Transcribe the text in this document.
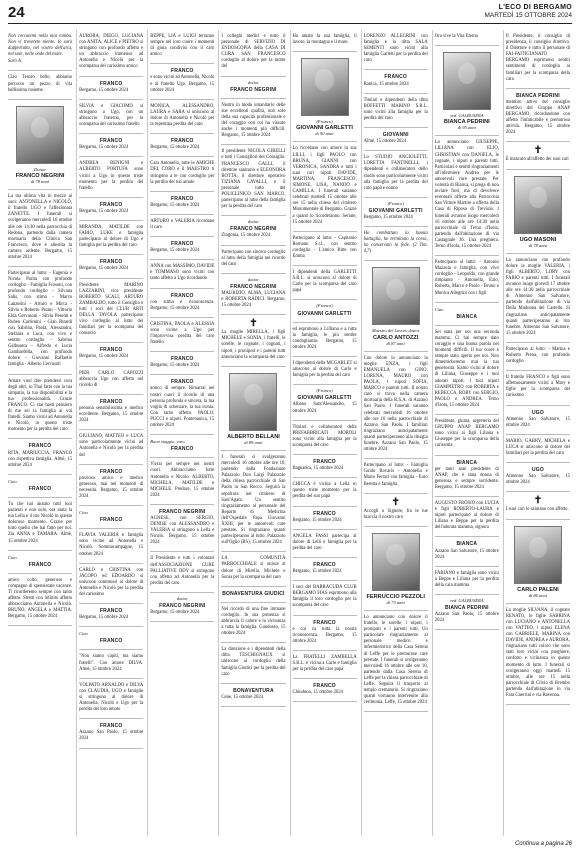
24	L'ECO DI BERGAMO
MARTEDÌ 15 OTTOBRE 2024

Non cercatemi nella mia tomba. Non vi troverete niente. Io sarò dappertutto, nel vostro dell'aria, nel sole, nelle onde del mare.

Sarò A.

Ciao Tesoro bello, abbiamo percorso un pezzo di vita bellissima insieme.

Dottor
FRANCO NEGRINI
di 78 anni

La tua ultima vita in mezzo ai suoi: ANTONELLA e NICOLÒ, il fratello UGO e l'affezionata ZANETTE. I funerali si svolgeranno mercoledì 16 ottobre alle ore 14:30 nella parrocchia di Redona, partendo dalla camera mortuaria della Clinica San Francesco, dove è allestita la camera ardente. Bergamo, 15 ottobre 2024

Partecipano al lutto: - Eugenia e Nicola Parita con profondo cordoglio - Famiglia Frosoni, con profondo cordoglio - Silvana Salis, con stima - Marco Lanzerini - Arturo e Mirca - Silvia e Roberto Pisani - Vittorio Elda Gervasoni - Silvia Pesenti e Ruben Carrimini - Gian Ritardi con Sabrina, Paola, Alessandra, Stefania e Luca, con vivo e sentito cordoglio - Sabrina Galbusera - Alfredo e Lucia Gambardella, con profondo dolore - Giovanni Raffaello famiglia - Alberto Cervasoli

Amare vuol dire prendersi cura degli altri, io Thai fatto con la tua simpatia, la tua disponibilità e la tua professionalità. Grazie FRANCO. Ci stai basti pensiero di me sei la famiglia ai voi fratelli. Siamo vicini ad Antonella e Nicolò, in questo triste momento per la perdita del caro

FRANCO

RITA, MARIUCCIA, FRANCO con rispettiva famiglia. Almè, 15 ottobre 2024

Ciao

FRANCO

Tu che hai aiutato tutti tuoi pazienti e non solo, ora aiuta la tua Lella e il tuo Nicolò in questo doloroso momento. Grazie per tutto quello che hai fatto per noi. Zia ANNA e TAMARA. Almè, 15 ottobre 2024

Ciao

FRANCO

amico colto, generoso e compagno di spensierate vacanze. Ti ricorderemo sempre con tanto affetto. Stretti con infinito affetto abbracciamo Antonella e Nicolò. BRUNO, ANGELA e MATTIA. Bergamo, 15 ottobre 2024

AURORA, DIEGO, LUCIANA con ANITA, ALICE e PIETRO si stringono con profondo affetto e un abbraccio immenso ad Antonella e Nicolò per la scomparsa del carissimo amico

FRANCO

Bergamo, 15 ottobre 2024

SILVIA e GIACOMO si stringono a Ugo, con un abbraccio fraterno, per la scomparsa del carissimo fratello

FRANCO

Bergamo, 15 ottobre 2024

ANDREA BENIGNI e ALBERTO PORTUFA sono vicini a Ugo in questo triste momento per la perdita del fratello

FRANCO

Bergamo, 15 ottobre 2024

MIRANDA, MATILDE con FABIO, LUKE e famiglia partecipano al dolore di Ugo e famiglia per la perdita del caro

FRANCO

Bergamo, 15 ottobre 2024

Presidente MARINO LAZZARINI, vice presidente ROBERTO SCALI, ARTURO ZAMBALDO, tutto il Consiglio e tutti i soci del CLUB ARTI DELLA TAVOLA partecipano vivo cordoglio al lutto dei familiari per la scomparsa del consocio

FRANCO

Bergamo, 15 ottobre 2024

PIER CARLO CAPOZZI abbraccia Ugo con affetto nel ricordo di

FRANCO

persona sensibilissima e medico eccellente. Bergamo, 15 ottobre 2024

GIULIANO, MATTEO e LUCA sono particolarmente vicini ad Antonella e Nicolò per la perdita del

FRANCO

prezioso amico e medico generoso, mai nei momenti di necessità. Bergamo, 15 ottobre 2024

Ciao

FRANCO

FLAVIA VALERIA e famiglia sono vicine ad Antonella e Nicolò. Sommacampagne, 15 ottobre 2024

CARLO e CRISTINA con JACOPO ed EDOARDO si uniscono commossi al dolore di Antonella e Nicolò per la perdita del carissimo

FRANCO

Bergamo, 15 ottobre 2024

Ciao

FRANCO

"Non siamo capiti, ma siamo fratelli". Con amore DILVA. Almè, 15 ottobre 2024

VOLPATO ARNALDO e DILVA con CLAUDIA, UGO e famiglie si stringono al dolore di Antonella, Nicolò e Ugo per la perdita del loro amato

FRANCO

Azzano San Paolo, 15 ottobre 2024

BEPPE, LIA e LUIGI terranno sempre nel loro cuore i momenti di gioia condivisi con il caro amico

FRANCO

e sono vicini ad Antonella, Nicolò e al fratello Ugo. Bergamo, 15 ottobre 2024

MONICA, ALESSANDRO, LAURA e SARA si uniscono al dolore di Antonella e Nicolò per la repentina perdita del caro

FRANCO

Bergamo, 15 ottobre 2024

Cara Antonella, tutte le AMICHE DEL CORO e il MAESTRO ti stringono a te con cordoglio per la perdita del tuo amato

FRANCO

Bergamo, 15 ottobre 2024

ARTURO e VALERIA ricordano il caro

FRANCO

Bergamo, 15 ottobre 2024

ANNA con MASSIMO, DAVIDE e TOMMASO sono vicini con tanto affetto a Ugo ricordando

FRANCO

con stima e riconoscenza. Bergamo, 15 ottobre 2024

CRISTINA, PAOLA e ALESSIA sono vicine a Ugo per l'improvvisa perdita del caro fratello

FRANCO

Bergamo, 15 ottobre 2024

FRANCO

amico di sempre. Rimarrai nei nostri cuori il ricordo di una persona profonda e sincera, la tua voglia di scherzare, la tua ironia. Con tanto affetto. PAOLO, PUCCI e nipoti. Pontenanica, 15 ottobre 2024

Buon viaggio, caro

FRANCO

Vivrai per sempre nei nostri cuori. Abbracciamo forte Antonella e Nicolò. ALBERTO, MICHELA, MATILDE e MICHELE. Predore, 15 ottobre 2024

FRANCO NEGRINI

AGNESE, con SERGIO, DENISE con ALESSANDRO e VALERIA si stringono a Lella e Nicolò. Bergamo, 15 ottobre 2024

Il Presidente e tutti i volontari dell'ASSOCIAZIONE CURE PALLIATIVE ODV si stringono con affetto ad Antonella per la perdita del caro

dottor
FRANCO NEGRINI

Bergamo, 15 ottobre 2024

I colleghi medici e tutto il personale di SERVIZIO DI ENDOSCOPIA della CASA DI CURA SAN FRANCESCO cordoglio al dolore per la morte del

dottor
FRANCO NEGRINI

Nostro in modo umanitario delle sue eccellenti qualità, non solo della sua capacità professionale e del coraggio con cui ha vissuto anche i momenti più difficili. Bergamo, 15 ottobre 2024

Il presidente NICOLA GIRELLI e tutti i Consigliori del Consiglio. FRANCESCO GALLI, il direttore sanitario e ELEONORA BOTTA, il direttore operativo TIZIANA CAVALLI, e il personale tutto del POLICLINICO SAN MARCO, partecipano al lutto della famiglia per la perdita del caro

dottor
FRANCO NEGRINI

Zingonia, 15 ottobre 2024

Partecipano con sincero cordoglio al lutto della famiglia nel ricordo del caro

dottor
FRANCO NEGRINI

MAURIZIO, ALMA, LUCIANA e ROBERTA RADICI. Bergamo, 15 ottobre 2024

✝

La moglie MIRELLA, i figli MICHELE e SONIA, i fratelli, le sorelle, le cognate, i cognati, i nipoti, i pronipoti e i parenti tutti annunciano la scomparsa del caro

ALBERTO BELLANI
di 89 anni

I funerali si svolgeranno mercoledì 16 ottobre alle ore 10, partendo dalla Fondazione Palazzolo Don Luigi Palazzolo della chiesa parrocchiale di San Paolo in San Rocco. Seguirà la sepoltura nel cimitero di Sant'Agata. Un sentito ringraziamento al personale del Reparto di Medicina dell'Ospedale Papa Giovanni XXIII, per le amorevoli cure prestate. Si ringraziano quanti parteciperanno al lutto. Palazzolo sull'Oglio (BS), 15 ottobre 2024

LA COMUNITÀ PARROCCHIALE si unisce al dolore di Mirella, Michele e Sonia per la scomparsa del caro

BONAVENTURA GIUDICI

Nel ricordo di una fine immane cordoglio. In sua presenza si abbraccia il calore e la vicinanza a tutta la famiglia. Gandosso, 15 ottobre 2024

La direzione e i dipendenti della ditta TESCHIGNAUX si uniscono al cordoglio della famiglia Giudici per la perdita del caro

BONAVENTURA

Cene, 15 ottobre 2024

Ha amato la sua famiglia, il lavoro, la montagna e il mare.

(Franco)
GIOVANNI GARLETTI
di 90 anni

Lo ricordano con amore la sua LILLI, i figli PAOLO con BRUNA, GIANNI con VERONICA, SANDRA e tutti i suoi cari nipoti DAVIDE, MARTINA, FRANCESCO, SIMONE, LISA, NANDO e CAMILLA. I funerali saranno celebrati martedì 15 ottobre alle ore 15 nella chiesa del cimitero Monumentale di Bergamo. Grazie a quanti lo ricorderanno. Seriate, 15 ottobre 2024

Partecipano al lutto: - Capitanio Romano S.r.l., con sentito cordoglio - L'amico Bitte con Emma

I dipendenti della GARLETTI S.R.L. si uniscono al dolore di Carlo per la scomparsa del caro papà

(Franco)
GIOVANNI GARLETTI

ed esprimono a Lilliana e a tutta la famiglia, le più sentite condoglianze. Bergamo, 15 ottobre 2024

I dipendenti della MCGARLET si uniscono al dolore di Carlo e famiglia per la perdita del caro

(Franco)
GIOVANNI GARLETTI

Albano Sant'Alessandro, 15 ottobre 2024

Titolari e collaboratori della PREFABBRICATI MOROLI sono vicini alla famiglia per la scomparsa del caro

FRANCO

Bagnatica, 15 ottobre 2024

CHICCA è vicina a Lella in questo triste momento per la perdita del suo papà

FRANCO

Bergamo, 15 ottobre 2024

ANGELA FASSI partecipa al dolore di Lelli e famiglia per la perdita del caro

FRANCO

Bergamo, 15 ottobre 2024

I soci del BARRACUDA CLUB BERGAMO FIAS esprimono alla famiglia il loro cordoglio per la scomparsa del caro

FRANCO

e cui va tutta la nostra riconoscenza. Bergamo, 15 ottobre 2024

La FRATELLI ZAMBELLA S.R.L. è vicina a Carlo e famiglia per la perdita del caro papà

FRANCO

Chiuduno, 15 ottobre 2024

LORENZO ALLEGRINI con famiglia e la ditta SALA SEMENTI sono vicini alla famiglia Garletti per la perdita del caro

FRANCO

Ranica, 15 ottobre 2024

Titolari e dipendenti della ditta BOFFETTI MARINO S.R.L. sono vicini alla famiglia per la perdita del caro

GIOVANNI

Almè, 15 ottobre 2024

Lo STUDIO ANGIOLETTI, LORETTA FANTINELLI, i dipendenti e collaboratori dello studio sono particolarmente vicini alla famiglia per la perdita del caro papà e nonno

(Franco)
GIOVANNI GARLETTI

Bergamo, 15 ottobre 2024

Ho combattuto la buona battaglia, ho terminato la corsa, ho conservato la fede. (2 Tim. 4,7)

Maestro del Lavoro dottor
CARLO ANTOZZI
di 87 anni

Con dolore lo annunciano la moglie ENZA, i figli EMANUELA con GINO, LORENA, MAURO con PAOLA, i nipoti SOFIA, MARCO e parenti tutti. Il nostro caro si trova nella camera mortuaria della R.S.A. di Azzano San Paolo. I funerali saranno celebrati mercoledì 16 ottobre alle ore 10 nella parrocchiale di Azzano San Paolo. I familiari ringraziano anticipatamente quanti parteciperanno alla liturgia funebre. Azzano San Paolo, 15 ottobre 2024

Partecipano al lutto: - Famiglia Guido Rovaris - Antonella e Mario Ferrari con famiglia - Euro Beretta e famiglia

✝

Accogli o Signore, fra le tue braccia il nostro caro

FERRUCCIO PEZZOLI
di 73 anni

Lo annunciano con dolore il fratello, le sorelle, i nipoti, i pronipoti e i parenti tutti. Un particolare ringraziamento al personale medico e infermieristico della Casa Serena di Leffe per le premurose cure prestate. I funerali si svolgeranno mercoledì 16 ottobre alle ore 10, partendo dalla Casa Serena di Leffe per la chiesa parrocchiale di Leffe. Seguirà il trasporto al tempio crematorio. Si ringraziano quanti vorranno intervenire alla cerimonia. Leffe, 15 ottobre 2024

Ora vive la Vita Eterna

ved. GALBUSERA
BIANCA PEDRINI
di 95 anni

Lo annunciano GIUSEPPE, LILIANA con ELIO, CHRISTIAN con DANIELA, le cognate, i nipoti e parenti tutti. Particolari e sentiti ringraziamenti all'infermiere Andrea per le amorevoli cure prestate. Per volontà di Bianca, si prega di non inviare fiori, ma di devolvere eventuali offerte alla Parrocchia San Vittore Martire a offerta della Casa di Riposo di Treviolo. I funerali avranno luogo mercoledì 16 ottobre alle ore 14:30 nella parrocchiale di Terno d'Isola, partendo dall'abitazione di via Castagnale 36. Una preghiera. Terno d'Isola, 15 ottobre 2024

Partecipano al lutto: - Antonio Mazzola e famiglia, con vivo cordoglio - Leopoldo, con grande rimpianto - Antonella, Ezio, Roberta, Marco e Paolo - Bruno e Monica Allegrini con i figli

Ciao

BIANCA

Sei stata per noi una seconda mamma. Ci hai sempre dato coraggio e una buona parola nei momenti difficili. Il tuo cuore è sempre stato aperto per noi. Non dimenticheremo mai la tua generosità. Siamo vicini al dolore di Liliana, Giuseppe e i tuoi adorati nipoti. I tuoi nipoti GIAMPIETRO con ROBERTA e REBECCA, RORY con SERGIO, PAOLO e ANDREA. Terno d'Isola, 15 ottobre 2024

Presidente, giunta, segreteria del GRUPPO ANAP BERGAMO sono vicini ai figli Liliana e Giuseppe per la scomparsa della carissima

BIANCA

per tanti anni presidente di ANAP, che è stata donna di generosa e sempre sorridente. Bergamo, 15 ottobre 2024

AUGUSTO FROSIO con LUCIA e figli ROBERTO-LAURA e nipoti partecipano al dolore di Liliana e Beppe per la perdita dell'adorata mamma, signora

BIANCA

Azzano San Salvatore, 15 ottobre 2024

FABIANO e famiglia sono vicini a Beppe e Liliana per la perdita della cara mamma

ved. GALBUSERA
BIANCA PEDRINI

Azzano San Paolo, 15 ottobre 2024

Il Presidente, il consiglio di presidenza, il consiglio direttivo, il Direttore e tutto il personale di FAI-FAITIGIANATO BERGAMO esprimono sentiti sentimenti di cordoglio ai familiari per la scomparsa della cara

BIANCA PEDRINI

membro attivo del consiglio direttivo del Gruppo ANAP BERGAMO, ricordandone con affetto l'infaticabile e premurosa attività. Bergamo, 15 ottobre 2024

✝

È mancato all'affetto dei suoi cari

UGO MASONI
di 78 anni

Lo annunciano con profondo dolore la moglie VALERIA, i figli ALBERTO, LORY con FABIO e parenti tutti. I funerali avranno luogo giovedì 17 ottobre alle ore 14:30 nella parrocchiale di Almenno San Salvatore, partendo dall'abitazione di via Della Madonna del Castello. Si ringraziano anticipatamente quanti parteciperanno al rito funebre. Almenno San Salvatore, 15 ottobre 2024

Partecipano al lutto: - Marina e Roberto Prena, con profondo cordoglio

Il fratello FRANCO e figli sono affettuosamente vicini a Mary e figlie per la scomparsa del carissimo

UGO

Almenno San Salvatore, 15 ottobre 2024

MARIO, GABRY, MICHELA e LUCA si uniscono al dolore dei familiari per la perdita del caro

UGO

Almenno San Salvatore, 15 ottobre 2024

✝

I suoi cari lo salutano con affetto.

CARLO PALENI
di 86 anni

La moglie SILVANA, il cognato RENATO, le figlie SABRINA con LUCIANO e ANTONELLA con VATTEO, i nipoti ELENA con GABRIELE, MARINA con DAVIDE, ANDREA e AURORA, ringraziano tutti coloro che sono stati loro vicini con preghiere, conforto e vicinanza in questo momento di lutto. I funerali si svolgeranno oggi martedì 15 ottobre, alle ore 15 nella parrocchiale di Clivio di Brembo partendo dall'abitazione in via Fara Guerrini e via Ravenna.

Continua a pagina 26
